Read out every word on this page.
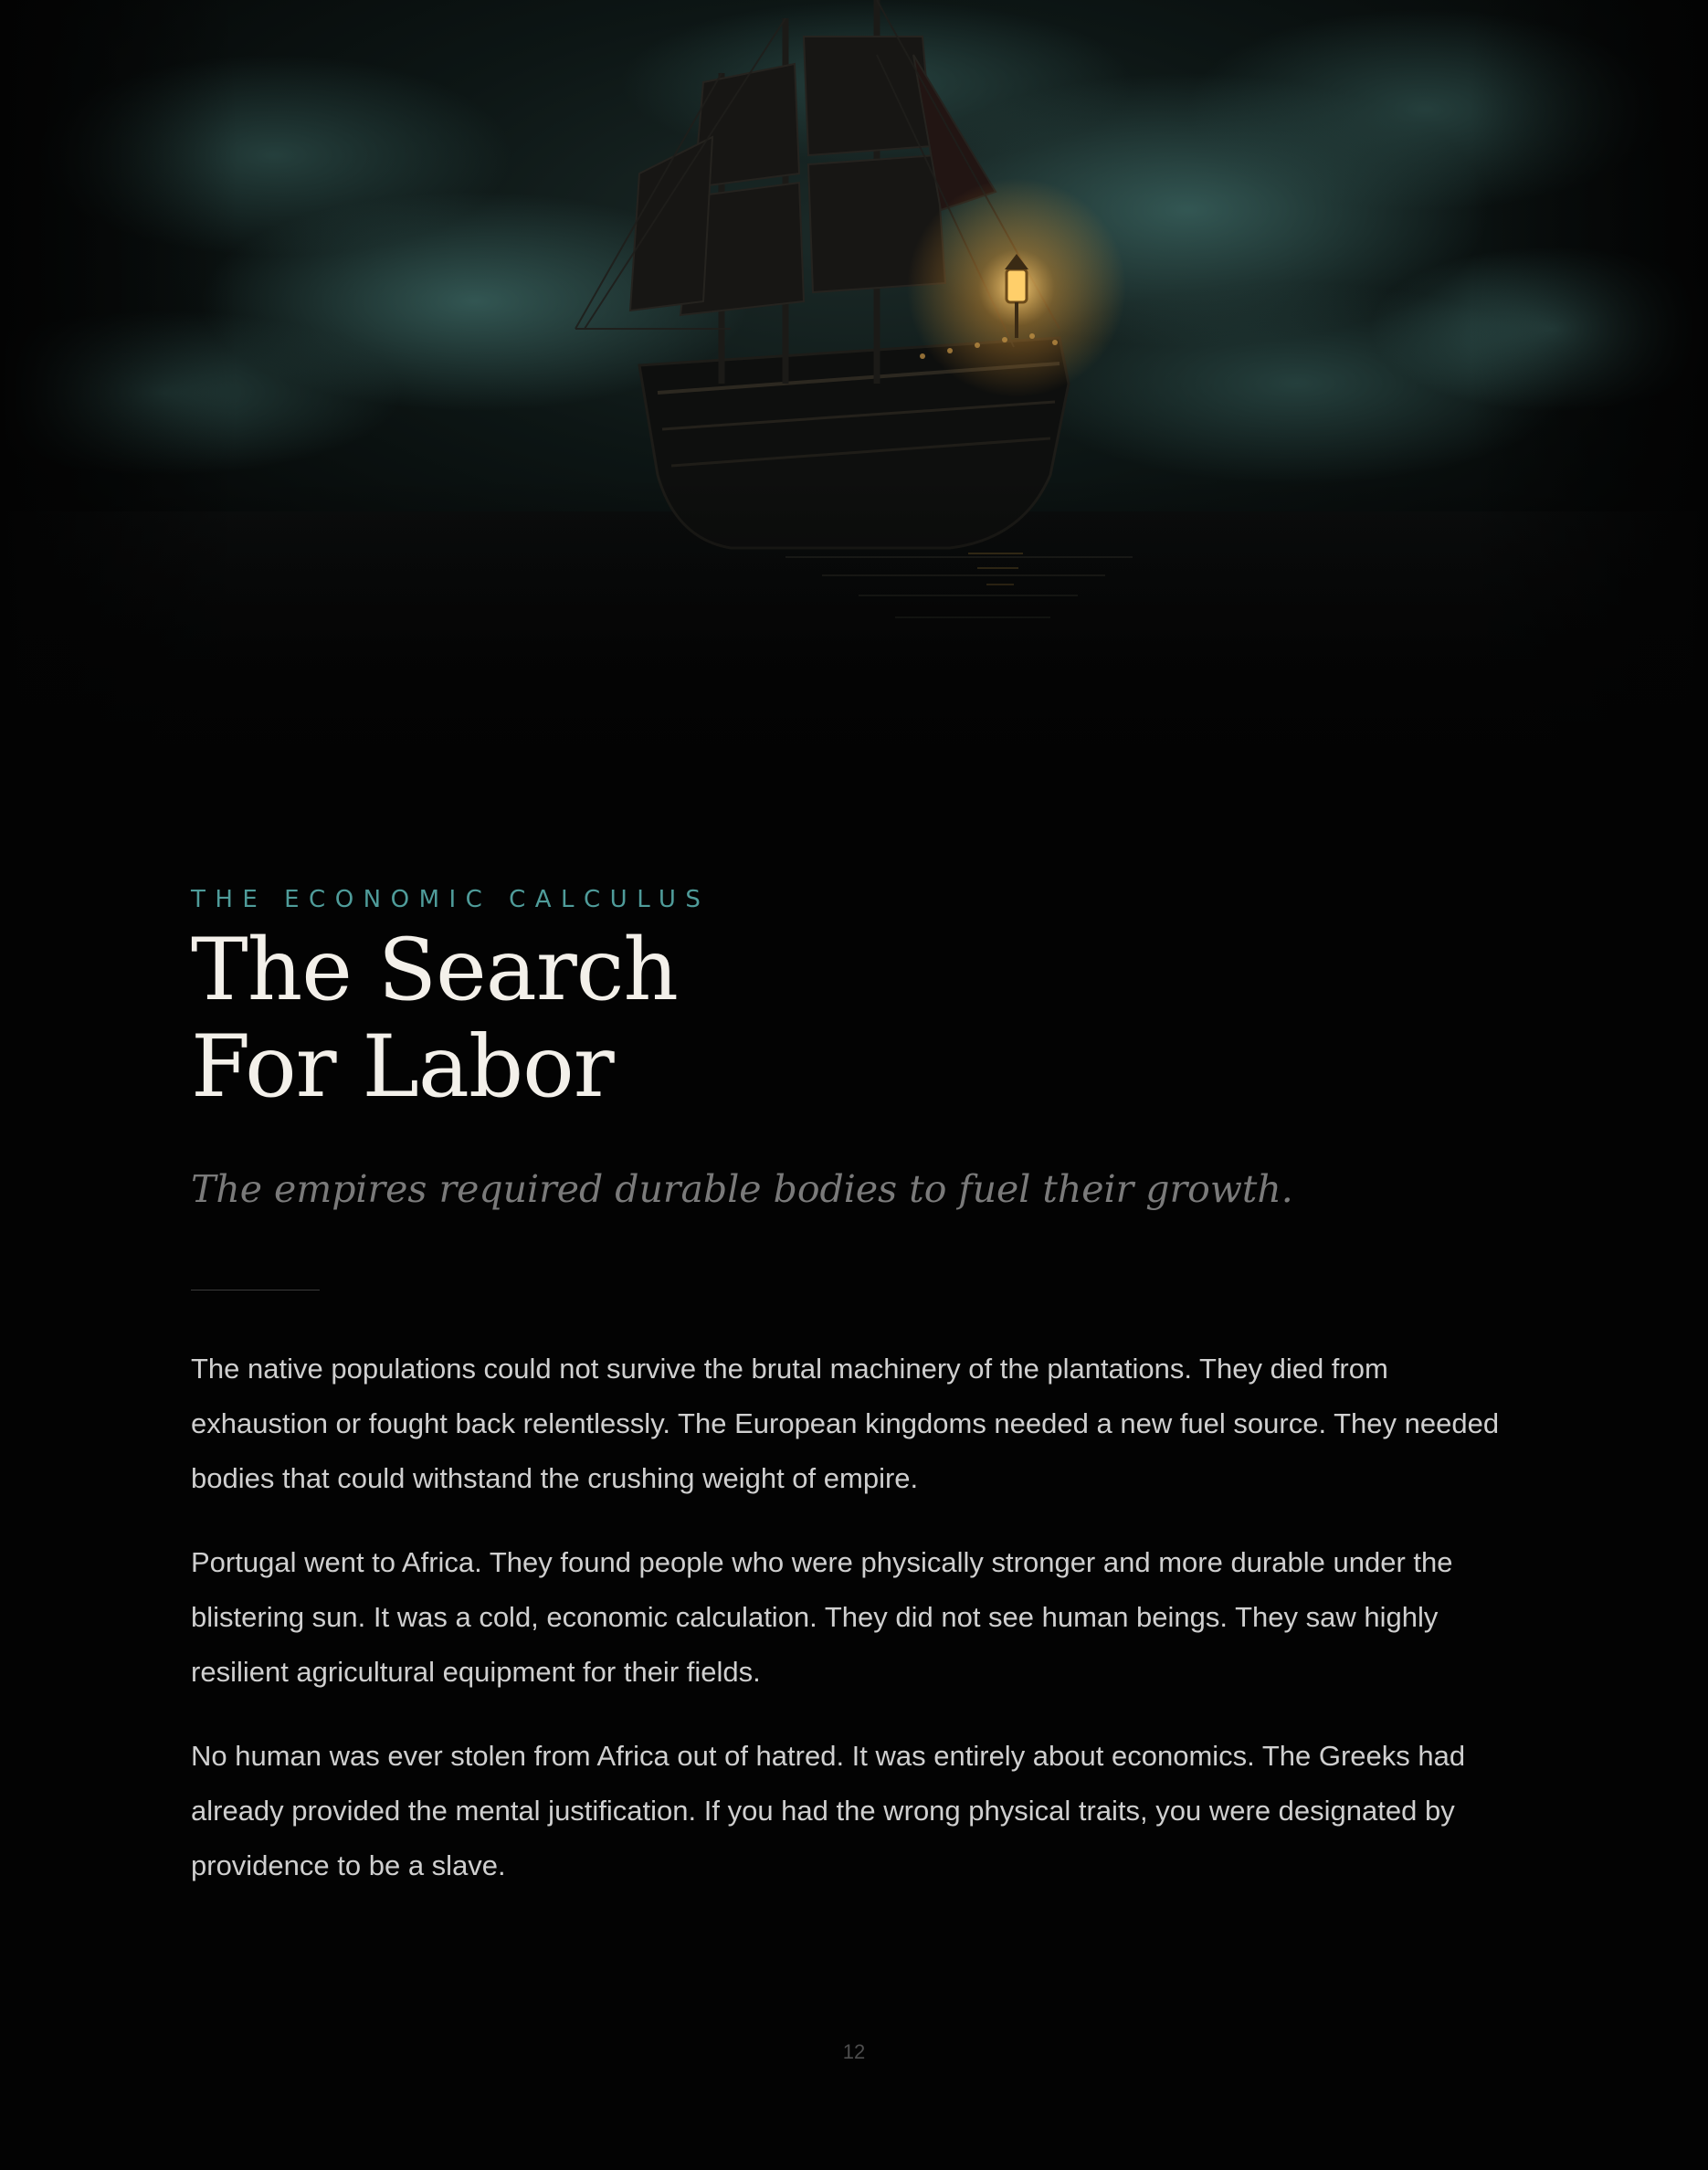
THE ECONOMIC CALCULUS

The Search
For Labor

The empires required durable bodies to fuel their growth.

The native populations could not survive the brutal machinery of the plantations. They died from exhaustion or fought back relentlessly. The European kingdoms needed a new fuel source. They needed bodies that could withstand the crushing weight of empire.

Portugal went to Africa. They found people who were physically stronger and more durable under the blistering sun. It was a cold, economic calculation. They did not see human beings. They saw highly resilient agricultural equipment for their fields.

No human was ever stolen from Africa out of hatred. It was entirely about economics. The Greeks had already provided the mental justification. If you had the wrong physical traits, you were designated by providence to be a slave.

12
